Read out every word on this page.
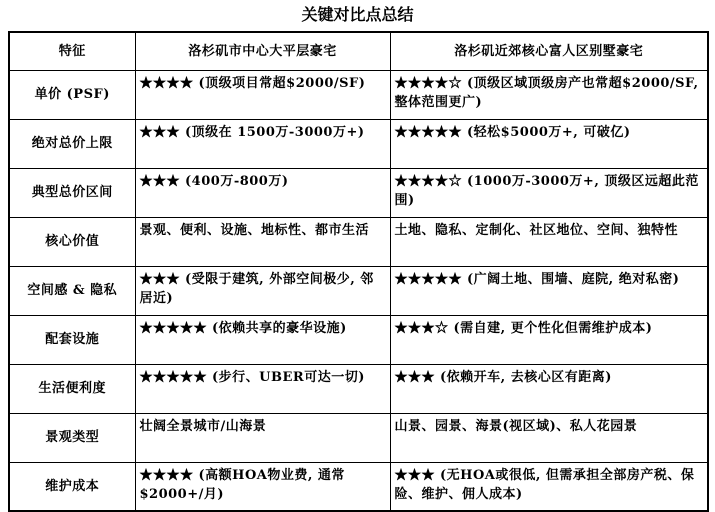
关键对比点总结
特征	洛杉矶市中心大平层豪宅	洛杉矶近郊核心富人区别墅豪宅
单价 (PSF)	★★★★ (顶级项目常超$2000/SF)	★★★★☆ (顶级区域顶级房产也常超$2000/SF, 整体范围更广)
绝对总价上限	★★★ (顶级在 1500万-3000万+)	★★★★★ (轻松$5000万+, 可破亿)
典型总价区间	★★★ (400万-800万)	★★★★☆ (1000万-3000万+, 顶级区远超此范围)
核心价值	景观、便利、设施、地标性、都市生活	土地、隐私、定制化、社区地位、空间、独特性
空间感 & 隐私	★★★ (受限于建筑, 外部空间极少, 邻居近)	★★★★★ (广阔土地、围墙、庭院, 绝对私密)
配套设施	★★★★★ (依赖共享的豪华设施)	★★★☆ (需自建, 更个性化但需维护成本)
生活便利度	★★★★★ (步行、UBER可达一切)	★★★ (依赖开车, 去核心区有距离)
景观类型	壮阔全景城市/山海景	山景、园景、海景(视区域)、私人花园景
维护成本	★★★★ (高额HOA物业费, 通常$2000+/月)	★★★ (无HOA或很低, 但需承担全部房产税、保险、维护、佣人成本)
